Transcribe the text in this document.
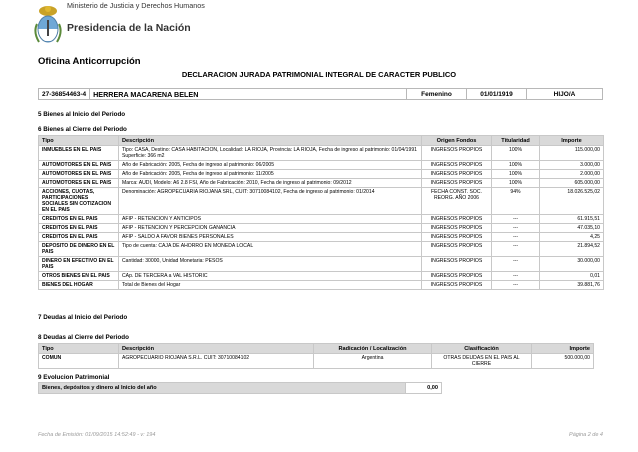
Ministerio de Justicia y Derechos Humanos
Presidencia de la Nación
Oficina Anticorrupción
DECLARACION JURADA PATRIMONIAL INTEGRAL DE CARACTER PUBLICO
27-36854463-4	HERRERA MACARENA BELEN	Femenino	01/01/1919	HIJO/A
5 Bienes al Inicio del Periodo
6 Bienes al Cierre del Periodo
Tipo	Descripción	Origen Fondos	Titularidad	Importe
INMUEBLES EN EL PAIS	Tipo: CASA, Destino: CASA HABITACION, Localidad: LA RIOJA, Provincia: LA RIOJA, Fecha de ingreso al patrimonio: 01/04/1991 Superficie: 366 m2	INGRESOS PROPIOS	100%	115.000,00
AUTOMOTORES EN EL PAIS	Año de Fabricación: 2005, Fecha de ingreso al patrimonio: 06/2005	INGRESOS PROPIOS	100%	3.000,00
AUTOMOTORES EN EL PAIS	Año de Fabricación: 2005, Fecha de ingreso al patrimonio: 11/2005	INGRESOS PROPIOS	100%	2.000,00
AUTOMOTORES EN EL PAIS	Marca: AUDI, Modelo: A6 2.8 FSI, Año de Fabricación: 2010, Fecha de ingreso al patrimonio: 09/2012	INGRESOS PROPIOS	100%	605.000,00
ACCIONES, CUOTAS, PARTICIPACIONES SOCIALES SIN COTIZACION EN EL PAIS	Denominación: AGROPECUARIA RIOJANA SRL, CUIT: 30710084102, Fecha de ingreso al patrimonio: 01/2014	FECHA CONST. SOC. REORG. AÑO 2006	94%	18.026.525,02
CREDITOS EN EL PAIS	AFIP - RETENCION Y ANTICIPOS	INGRESOS PROPIOS	---	61.915,51
CREDITOS EN EL PAIS	AFIP - RETENCION Y PERCEPCION GANANCIA	INGRESOS PROPIOS	---	47.035,10
CREDITOS EN EL PAIS	AFIP - SALDO A FAVOR BIENES PERSONALES	INGRESOS PROPIOS	---	4,25
DEPOSITO DE DINERO EN EL PAIS	Tipo de cuenta: CAJA DE AHORRO EN MONEDA LOCAL	INGRESOS PROPIOS	---	21.894,52
DINERO EN EFECTIVO EN EL PAIS	Cantidad: 30000, Unidad Monetaria: PESOS	INGRESOS PROPIOS	---	30.000,00
OTROS BIENES EN EL PAIS	CAp. DE TERCERA a VAL HISTORIC	INGRESOS PROPIOS	---	0,01
BIENES DEL HOGAR	Total de Bienes del Hogar	INGRESOS PROPIOS	---	39.881,76
7 Deudas al Inicio del Periodo
8 Deudas al Cierre del Periodo
Tipo	Descripción	Radicación / Localización	Clasificación	Importe
COMUN	AGROPECUARIO RIOJANA S.R.L. CUIT: 30710084102	Argentina	OTRAS DEUDAS EN EL PAIS AL CIERRE	500.000,00
9 Evolucion Patrimonial
Bienes, depósitos y dinero al Inicio del año	0,00
Fecha de Emisión: 01/09/2015 14:52:49 - v: 194	Página 2 de 4
